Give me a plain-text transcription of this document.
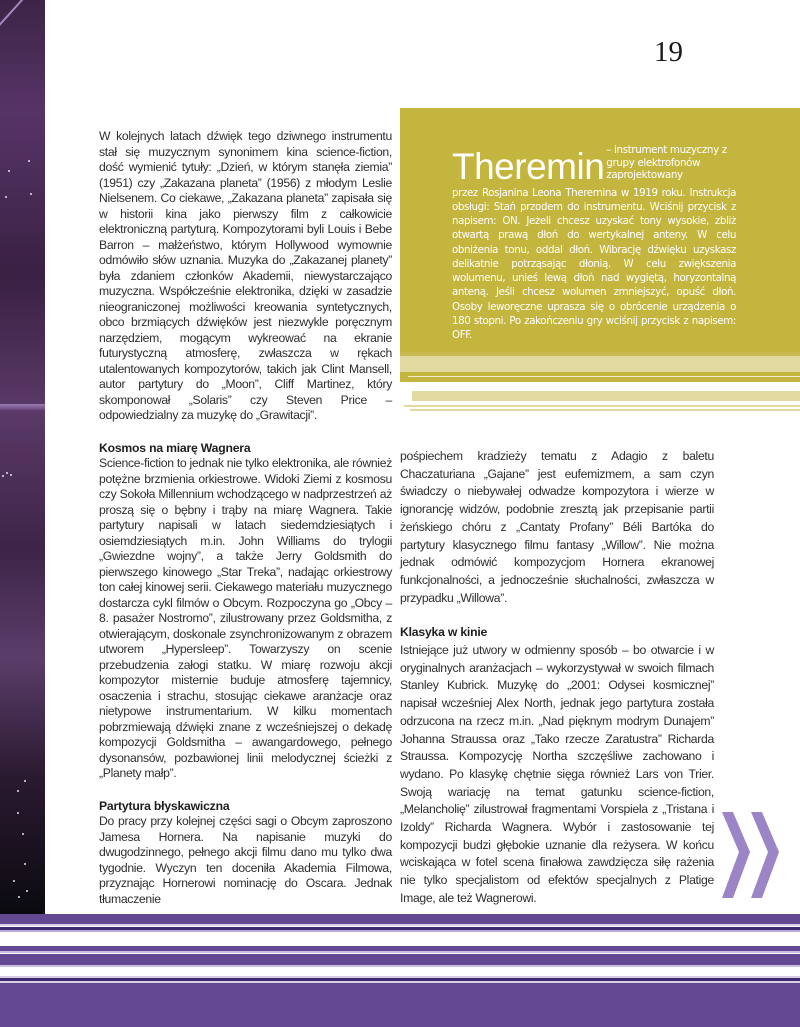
19
Theremin – instrument muzyczny z grupy elektrofonów zaprojektowany
przez Rosjanina Leona Theremina w 1919 roku. Instrukcja obsługi: Stań przodem do instrumentu. Wciśnij przycisk z napisem: ON. Jeżeli chcesz uzyskać tony wysokie, zbliż otwartą prawą dłoń do wertykalnej anteny. W celu obniżenia tonu, oddal dłoń. Wibrację dźwięku uzyskasz delikatnie potrząsając dłonią. W celu zwiększenia wolumenu, unieś lewą dłoń nad wygiętą, horyzontalną anteną. Jeśli chcesz wolumen zmniejszyć, opuść dłoń. Osoby leworęczne uprasza się o obrócenie urządzenia o 180 stopni. Po zakończeniu gry wciśnij przycisk z napisem: OFF.

W kolejnych latach dźwięk tego dziwnego instrumentu stał się muzycznym synonimem kina science-fiction, dość wymienić tytuły: „Dzień, w którym stanęła ziemia” (1951) czy „Zakazana planeta” (1956) z młodym Leslie Nielsenem. Co ciekawe, „Zakazana planeta” zapisała się w historii kina jako pierwszy film z całkowicie elektroniczną partyturą. Kompozytorami byli Louis i Bebe Barron – małżeństwo, którym Hollywood wymownie odmówiło słów uznania. Muzyka do „Zakazanej planety” była zdaniem członków Akademii, niewystarczająco muzyczna. Współcześnie elektronika, dzięki w zasadzie nieograniczonej możliwości kreowania syntetycznych, obco brzmiących dźwięków jest niezwykle poręcznym narzędziem, mogącym wykreować na ekranie futurystyczną atmosferę, zwłaszcza w rękach utalentowanych kompozytorów, takich jak Clint Mansell, autor partytury do „Moon”, Cliff Martinez, który skomponował „Solaris” czy Steven Price – odpowiedzialny za muzykę do „Grawitacji”.

Kosmos na miarę Wagnera

Science-fiction to jednak nie tylko elektronika, ale również potężne brzmienia orkiestrowe. Widoki Ziemi z kosmosu czy Sokoła Millennium wchodzącego w nadprzestrzeń aż proszą się o bębny i trąby na miarę Wagnera. Takie partytury napisali w latach siedemdziesiątych i osiemdziesiątych m.in. John Williams do trylogii „Gwiezdne wojny”, a także Jerry Goldsmith do pierwszego kinowego „Star Treka”, nadając orkiestrowy ton całej kinowej serii. Ciekawego materiału muzycznego dostarcza cykl filmów o Obcym. Rozpoczyna go „Obcy – 8. pasażer Nostromo”, zilustrowany przez Goldsmitha, z otwierającym, doskonale zsynchronizowanym z obrazem utworem „Hypersleep”. Towarzyszy on scenie przebudzenia załogi statku. W miarę rozwoju akcji kompozytor misternie buduje atmosferę tajemnicy, osaczenia i strachu, stosując ciekawe aranżacje oraz nietypowe instrumentarium. W kilku momentach pobrzmiewają dźwięki znane z wcześniejszej o dekadę kompozycji Goldsmitha – awangardowego, pełnego dysonansów, pozbawionej linii melodycznej ścieżki z „Planety małp”.

Partytura błyskawiczna

Do pracy przy kolejnej części sagi o Obcym zaproszono Jamesa Hornera. Na napisanie muzyki do dwugodzinnego, pełnego akcji filmu dano mu tylko dwa tygodnie. Wyczyn ten doceniła Akademia Filmowa, przyznając Hornerowi nominację do Oscara. Jednak tłumaczenie

pośpiechem kradzieży tematu z Adagio z baletu Chaczaturiana „Gajane” jest eufemizmem, a sam czyn świadczy o niebywałej odwadze kompozytora i wierze w ignorancję widzów, podobnie zresztą jak przepisanie partii żeńskiego chóru z „Cantaty Profany” Béli Bartóka do partytury klasycznego filmu fantasy „Willow”. Nie można jednak odmówić kompozycjom Hornera ekranowej funkcjonalności, a jednocześnie słuchalności, zwłaszcza w przypadku „Willowa”.

Klasyka w kinie

Istniejące już utwory w odmienny sposób – bo otwarcie i w oryginalnych aranżacjach – wykorzystywał w swoich filmach Stanley Kubrick. Muzykę do „2001: Odysei kosmicznej” napisał wcześniej Alex North, jednak jego partytura została odrzucona na rzecz m.in. „Nad pięknym modrym Dunajem” Johanna Straussa oraz „Tako rzecze Zaratustra” Richarda Straussa. Kompozycję Northa szczęśliwe zachowano i wydano. Po klasykę chętnie sięga również Lars von Trier. Swoją wariację na temat gatunku science-fiction, „Melancholię” zilustrował fragmentami Vorspiela z „Tristana i Izoldy” Richarda Wagnera. Wybór i zastosowanie tej kompozycji budzi głębokie uznanie dla reżysera. W końcu wciskająca w fotel scena finałowa zawdzięcza siłę rażenia nie tylko specjalistom od efektów specjalnych z Platige Image, ale też Wagnerowi.
